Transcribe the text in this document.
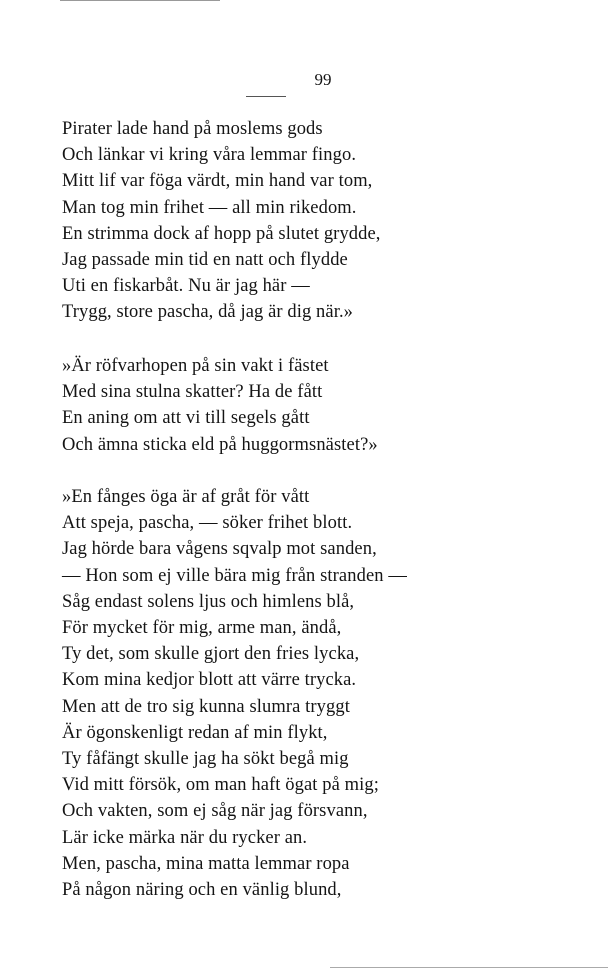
99
Pirater lade hand på moslems gods
Och länkar vi kring våra lemmar fingo.
Mitt lif var föga värdt, min hand var tom,
Man tog min frihet — all min rikedom.
En strimma dock af hopp på slutet grydde,
Jag passade min tid en natt och flydde
Uti en fiskarbåt. Nu är jag här —
Trygg, store pascha, då jag är dig när.»
»Är röfvarhopen på sin vakt i fästet
Med sina stulna skatter? Ha de fått
En aning om att vi till segels gått
Och ämna sticka eld på huggormsnästet?»
»En fånges öga är af gråt för vått
Att speja, pascha, — söker frihet blott.
Jag hörde bara vågens sqvalp mot sanden,
— Hon som ej ville bära mig från stranden —
Såg endast solens ljus och himlens blå,
För mycket för mig, arme man, ändå,
Ty det, som skulle gjort den fries lycka,
Kom mina kedjor blott att värre trycka.
Men att de tro sig kunna slumra tryggt
Är ögonskenligt redan af min flykt,
Ty fåfängt skulle jag ha sökt begå mig
Vid mitt försök, om man haft ögat på mig;
Och vakten, som ej såg när jag försvann,
Lär icke märka när du rycker an.
Men, pascha, mina matta lemmar ropa
På någon näring och en vänlig blund,
